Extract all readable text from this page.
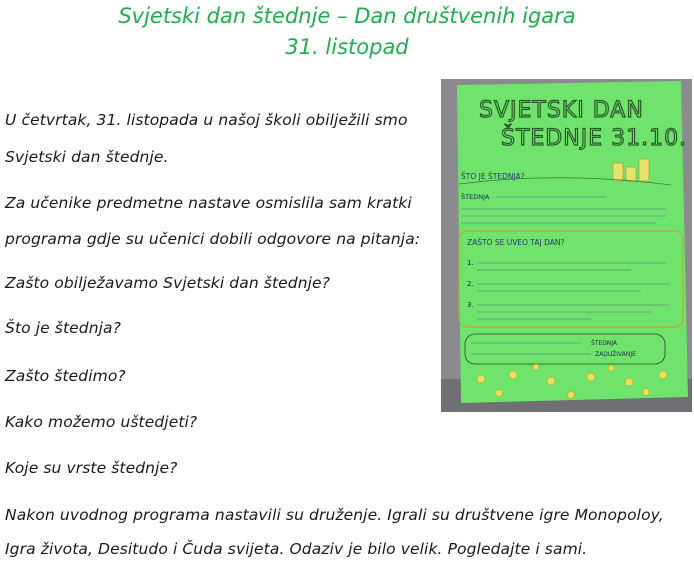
Svjetski dan štednje – Dan društvenih igara
31. listopad
U četvrtak, 31. listopada u našoj školi obilježili smo
Svjetski dan štednje.
Za učenike predmetne nastave osmislila sam kratki
programa gdje su učenici dobili odgovore na pitanja:
Zašto obilježavamo Svjetski dan štednje?
Što je štednja?
Zašto štedimo?
Kako možemo uštedjeti?
Koje su vrste štednje?
Nakon uvodnog programa nastavili su druženje. Igrali su društvene igre Monopoloy,
Igra života, Desitudo i Čuda svijeta. Odaziv je bilo velik. Pogledajte i sami.
SVJETSKI DAN
ŠTEDNJE 31.10.
ŠTO JE ŠTEDNJA?
ŠTEDNJA
ZAŠTO SE UVEO TAJ DAN?
1.
2.
3.
ŠTEDNJA
ZADUŽIVANJE
